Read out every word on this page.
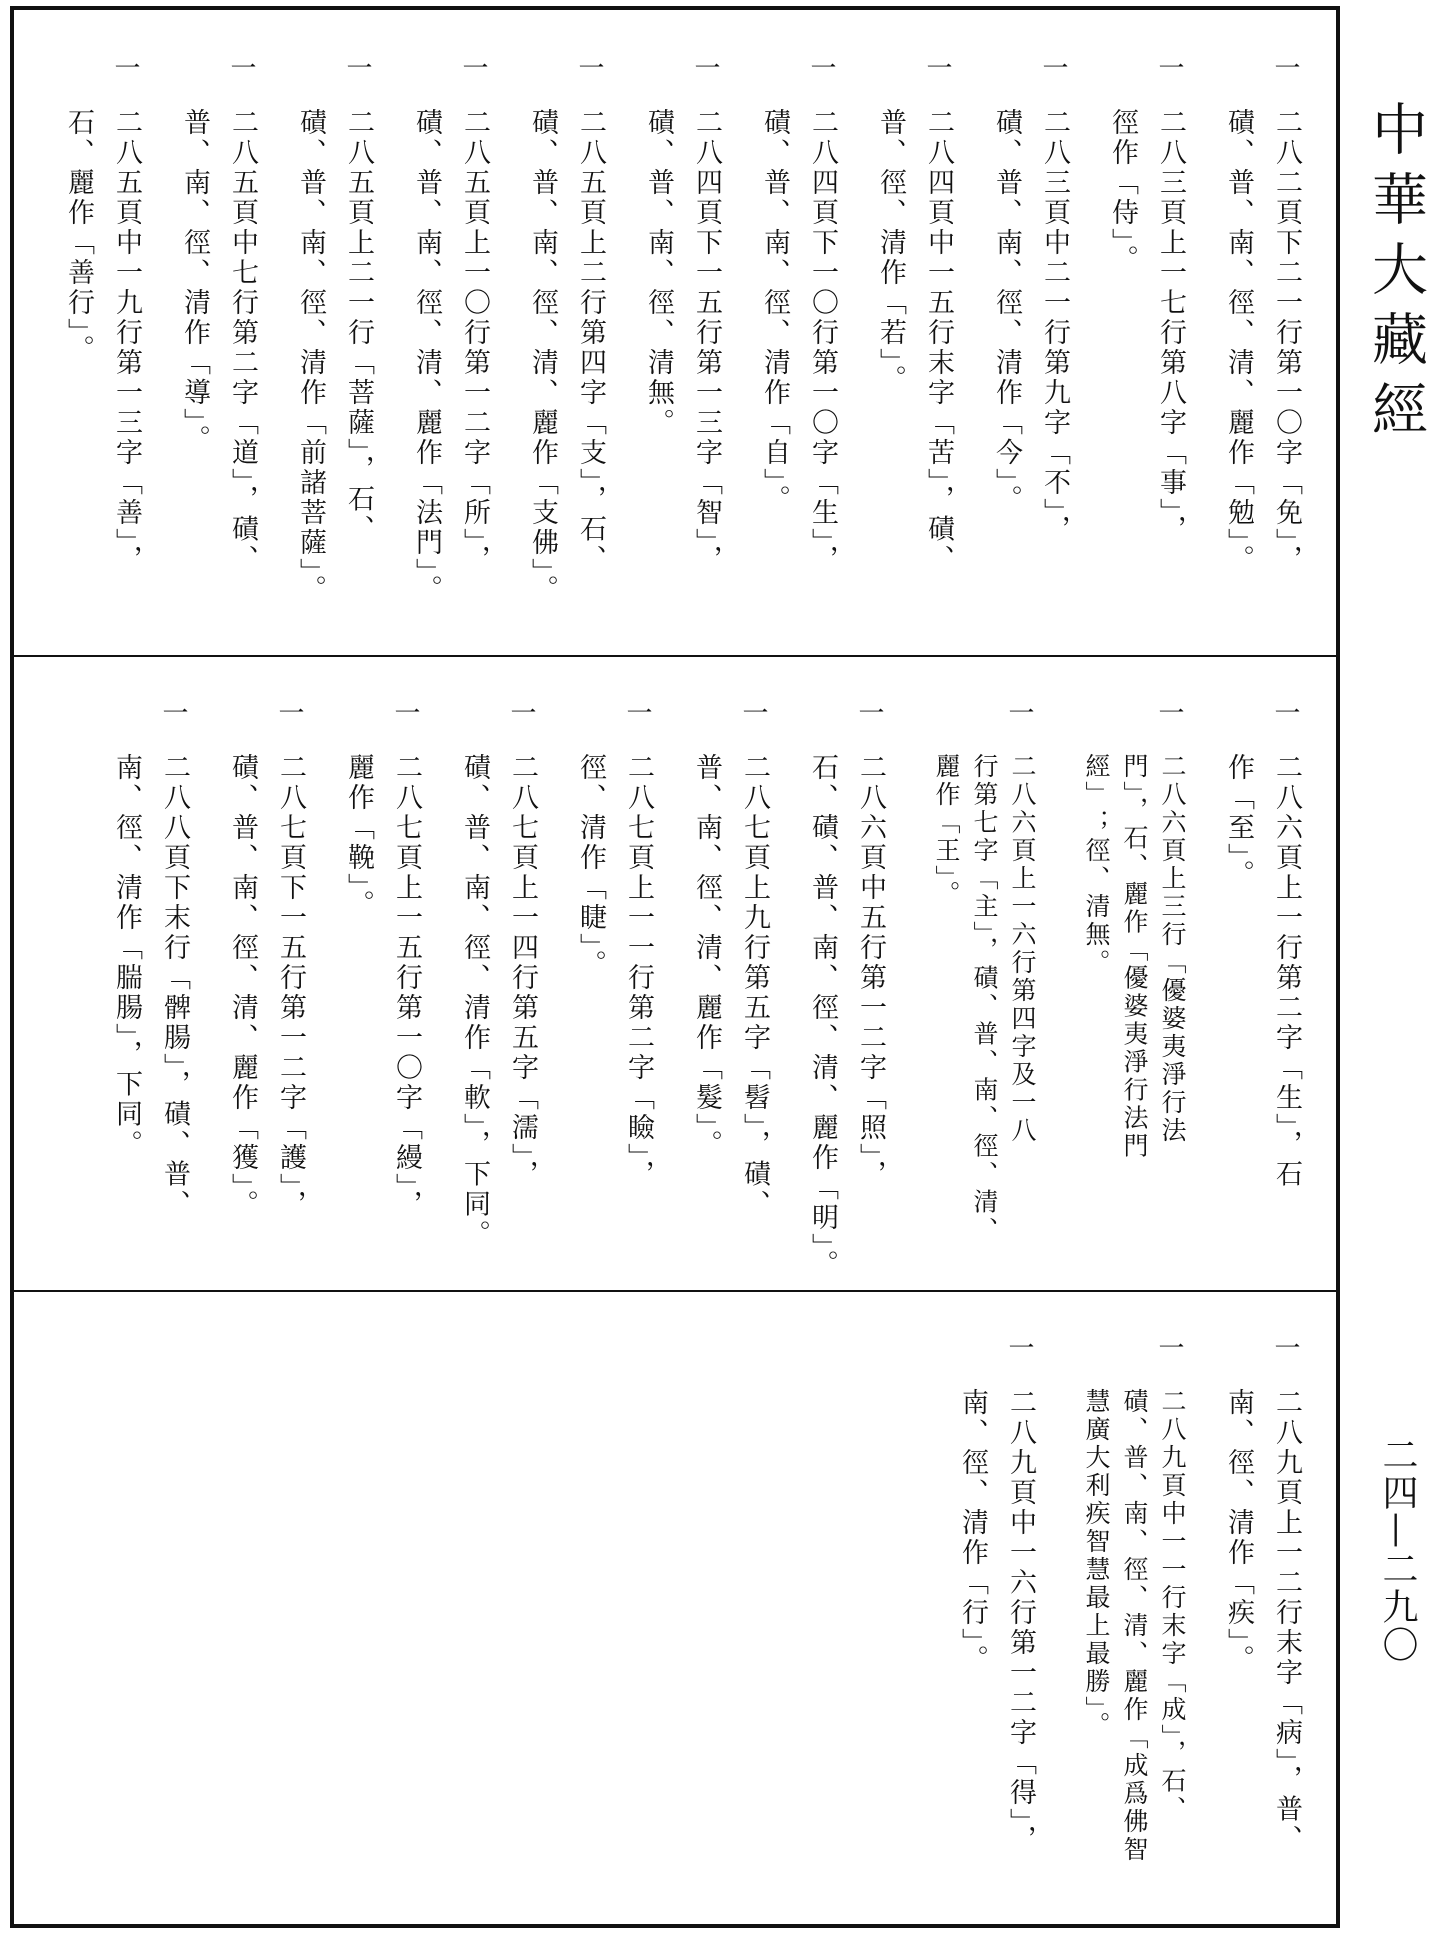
一
二八二頁下二一行第一〇字「免」，
磧、普、南、徑、清、麗作「勉」。
一
二八三頁上一七行第八字「事」，
徑作「侍」。
一
二八三頁中二一行第九字「不」，
磧、普、南、徑、清作「今」。
一
二八四頁中一五行末字「苦」，磧、
普、徑、清作「若」。
一
二八四頁下一〇行第一〇字「生」，
磧、普、南、徑、清作「自」。
一
二八四頁下一五行第一三字「智」，
磧、普、南、徑、清無。
一
二八五頁上二行第四字「支」，石、
磧、普、南、徑、清、麗作「支佛」。
一
二八五頁上一〇行第一二字「所」，
磧、普、南、徑、清、麗作「法門」。
一
二八五頁上二一行「菩薩」，石、
磧、普、南、徑、清作「前諸菩薩」。
一
二八五頁中七行第二字「道」，磧、
普、南、徑、清作「導」。
一
二八五頁中一九行第一三字「善」，
石、麗作「善行」。
一
二八六頁上一行第二字「生」，石
作「至」。
一
二八六頁上三行「優婆夷淨行法
門」，石、麗作「優婆夷淨行法門
經」；徑、清無。
一
二八六頁上一六行第四字及一八
行第七字「主」，磧、普、南、徑、清、
麗作「王」。
一
二八六頁中五行第一二字「照」，
石、磧、普、南、徑、清、麗作「明」。
一
二八七頁上九行第五字「髫」，磧、
普、南、徑、清、麗作「髮」。
一
二八七頁上一一行第二字「瞼」，
徑、清作「睫」。
一
二八七頁上一四行第五字「濡」，
磧、普、南、徑、清作「軟」，下同。
一
二八七頁上一五行第一〇字「縵」，
麗作「鞔」。
一
二八七頁下一五行第一二字「護」，
磧、普、南、徑、清、麗作「獲」。
一
二八八頁下末行「髀腸」，磧、普、
南、徑、清作「腨腸」，下同。
一
二八九頁上一二行末字「病」，普、
南、徑、清作「疾」。
一
二八九頁中一一行末字「成」，石、
磧、普、南、徑、清、麗作「成爲佛智
慧廣大利疾智慧最上最勝」。
一
二八九頁中一六行第一二字「得」，
南、徑、清作「行」。
中華大藏經
二四—二九〇
